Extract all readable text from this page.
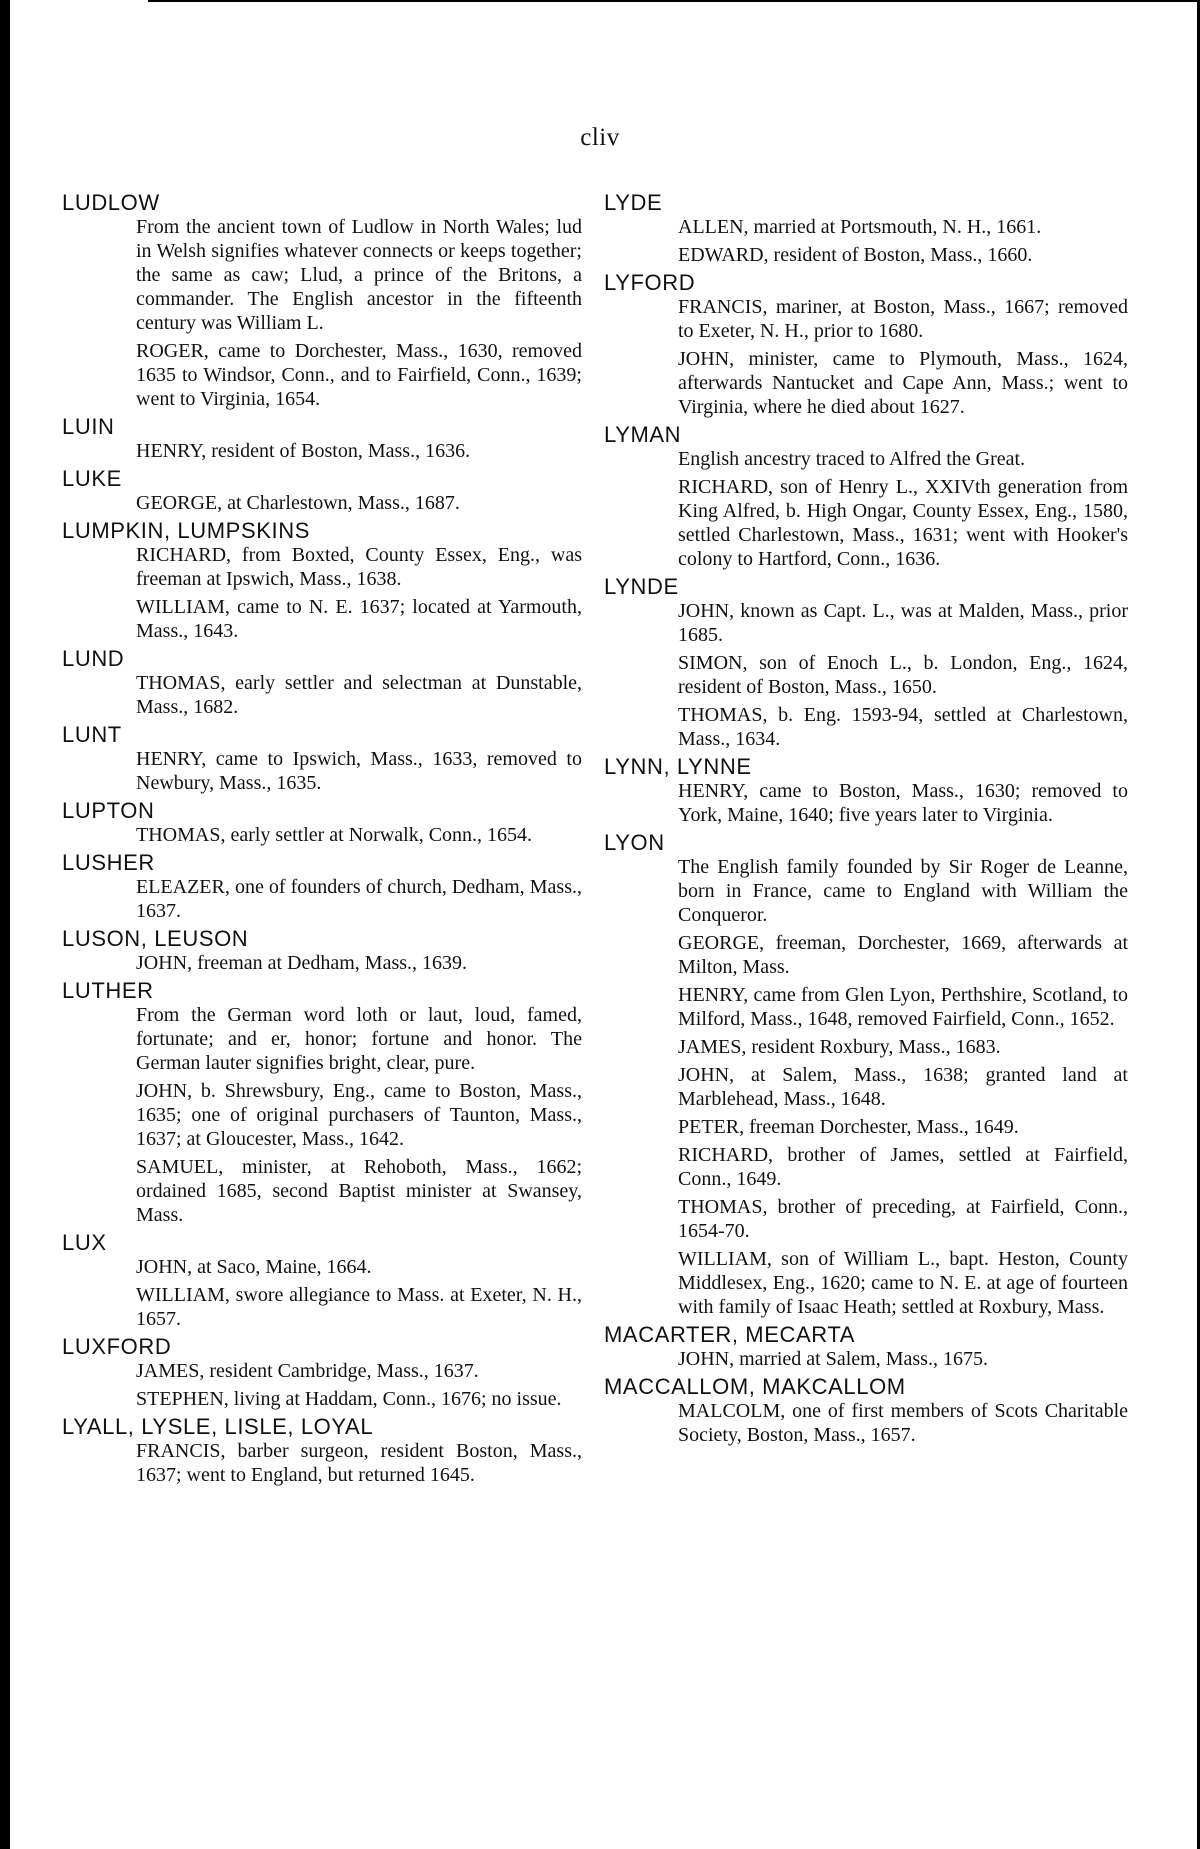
cliv
LUDLOW
From the ancient town of Ludlow in North Wales; lud in Welsh signifies whatever connects or keeps together; the same as caw; Llud, a prince of the Britons, a commander. The English ancestor in the fifteenth century was William L.
ROGER, came to Dorchester, Mass., 1630, removed 1635 to Windsor, Conn., and to Fairfield, Conn., 1639; went to Virginia, 1654.
LUIN
HENRY, resident of Boston, Mass., 1636.
LUKE
GEORGE, at Charlestown, Mass., 1687.
LUMPKIN, LUMPSKINS
RICHARD, from Boxted, County Essex, Eng., was freeman at Ipswich, Mass., 1638.
WILLIAM, came to N. E. 1637; located at Yarmouth, Mass., 1643.
LUND
THOMAS, early settler and selectman at Dunstable, Mass., 1682.
LUNT
HENRY, came to Ipswich, Mass., 1633, removed to Newbury, Mass., 1635.
LUPTON
THOMAS, early settler at Norwalk, Conn., 1654.
LUSHER
ELEAZER, one of founders of church, Dedham, Mass., 1637.
LUSON, LEUSON
JOHN, freeman at Dedham, Mass., 1639.
LUTHER
From the German word loth or laut, loud, famed, fortunate; and er, honor; fortune and honor. The German lauter signifies bright, clear, pure.
JOHN, b. Shrewsbury, Eng., came to Boston, Mass., 1635; one of original purchasers of Taunton, Mass., 1637; at Gloucester, Mass., 1642.
SAMUEL, minister, at Rehoboth, Mass., 1662; ordained 1685, second Baptist minister at Swansey, Mass.
LUX
JOHN, at Saco, Maine, 1664.
WILLIAM, swore allegiance to Mass. at Exeter, N. H., 1657.
LUXFORD
JAMES, resident Cambridge, Mass., 1637.
STEPHEN, living at Haddam, Conn., 1676; no issue.
LYALL, LYSLE, LISLE, LOYAL
FRANCIS, barber surgeon, resident Boston, Mass., 1637; went to England, but returned 1645.
LYDE
ALLEN, married at Portsmouth, N. H., 1661.
EDWARD, resident of Boston, Mass., 1660.
LYFORD
FRANCIS, mariner, at Boston, Mass., 1667; removed to Exeter, N. H., prior to 1680.
JOHN, minister, came to Plymouth, Mass., 1624, afterwards Nantucket and Cape Ann, Mass.; went to Virginia, where he died about 1627.
LYMAN
English ancestry traced to Alfred the Great.
RICHARD, son of Henry L., XXIVth generation from King Alfred, b. High Ongar, County Essex, Eng., 1580, settled Charlestown, Mass., 1631; went with Hooker's colony to Hartford, Conn., 1636.
LYNDE
JOHN, known as Capt. L., was at Malden, Mass., prior 1685.
SIMON, son of Enoch L., b. London, Eng., 1624, resident of Boston, Mass., 1650.
THOMAS, b. Eng. 1593-94, settled at Charlestown, Mass., 1634.
LYNN, LYNNE
HENRY, came to Boston, Mass., 1630; removed to York, Maine, 1640; five years later to Virginia.
LYON
The English family founded by Sir Roger de Leanne, born in France, came to England with William the Conqueror.
GEORGE, freeman, Dorchester, 1669, afterwards at Milton, Mass.
HENRY, came from Glen Lyon, Perthshire, Scotland, to Milford, Mass., 1648, removed Fairfield, Conn., 1652.
JAMES, resident Roxbury, Mass., 1683.
JOHN, at Salem, Mass., 1638; granted land at Marblehead, Mass., 1648.
PETER, freeman Dorchester, Mass., 1649.
RICHARD, brother of James, settled at Fairfield, Conn., 1649.
THOMAS, brother of preceding, at Fairfield, Conn., 1654-70.
WILLIAM, son of William L., bapt. Heston, County Middlesex, Eng., 1620; came to N. E. at age of fourteen with family of Isaac Heath; settled at Roxbury, Mass.
MACARTER, MECARTA
JOHN, married at Salem, Mass., 1675.
MACCALLOM, MAKCALLOM
MALCOLM, one of first members of Scots Charitable Society, Boston, Mass., 1657.
